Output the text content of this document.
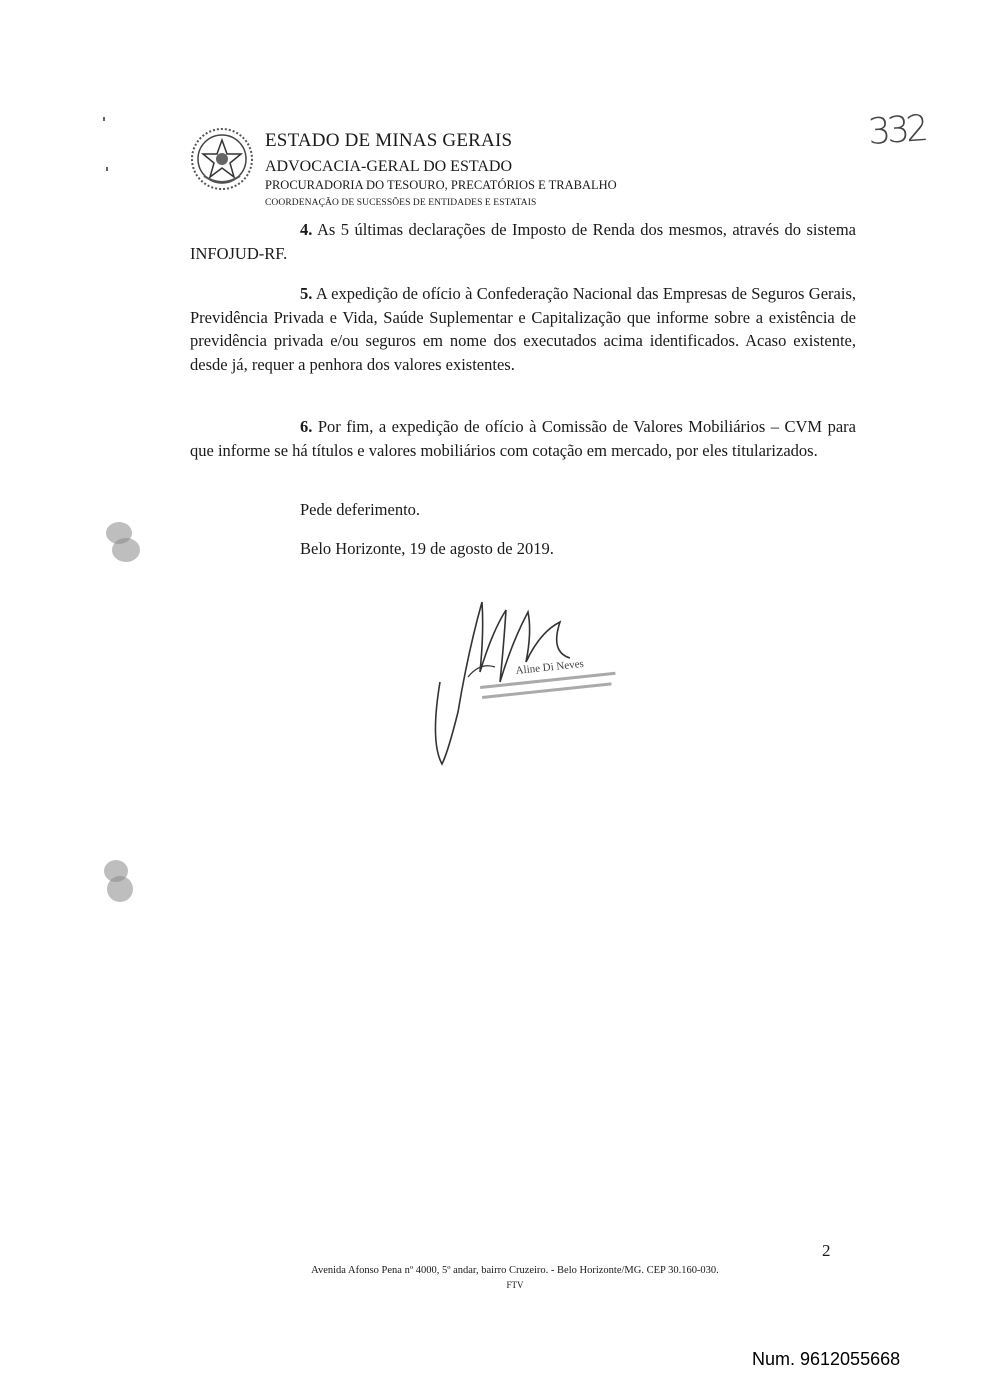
ESTADO DE MINAS GERAIS
ADVOCACIA-GERAL DO ESTADO
PROCURADORIA DO TESOURO, PRECATÓRIOS E TRABALHO
COORDENAÇÃO DE SUCESSÕES DE ENTIDADES E ESTATAIS
332
4. As 5 últimas declarações de Imposto de Renda dos mesmos, através do sistema INFOJUD-RF.
5. A expedição de ofício à Confederação Nacional das Empresas de Seguros Gerais, Previdência Privada e Vida, Saúde Suplementar e Capitalização que informe sobre a existência de previdência privada e/ou seguros em nome dos executados acima identificados. Acaso existente, desde já, requer a penhora dos valores existentes.
6. Por fim, a expedição de ofício à Comissão de Valores Mobiliários – CVM para que informe se há títulos e valores mobiliários com cotação em mercado, por eles titularizados.
Pede deferimento.
Belo Horizonte, 19 de agosto de 2019.
Aline Di Neves
2
Avenida Afonso Pena nº 4000, 5º andar, bairro Cruzeiro. - Belo Horizonte/MG. CEP 30.160-030.
FTV
Num. 9612055668
